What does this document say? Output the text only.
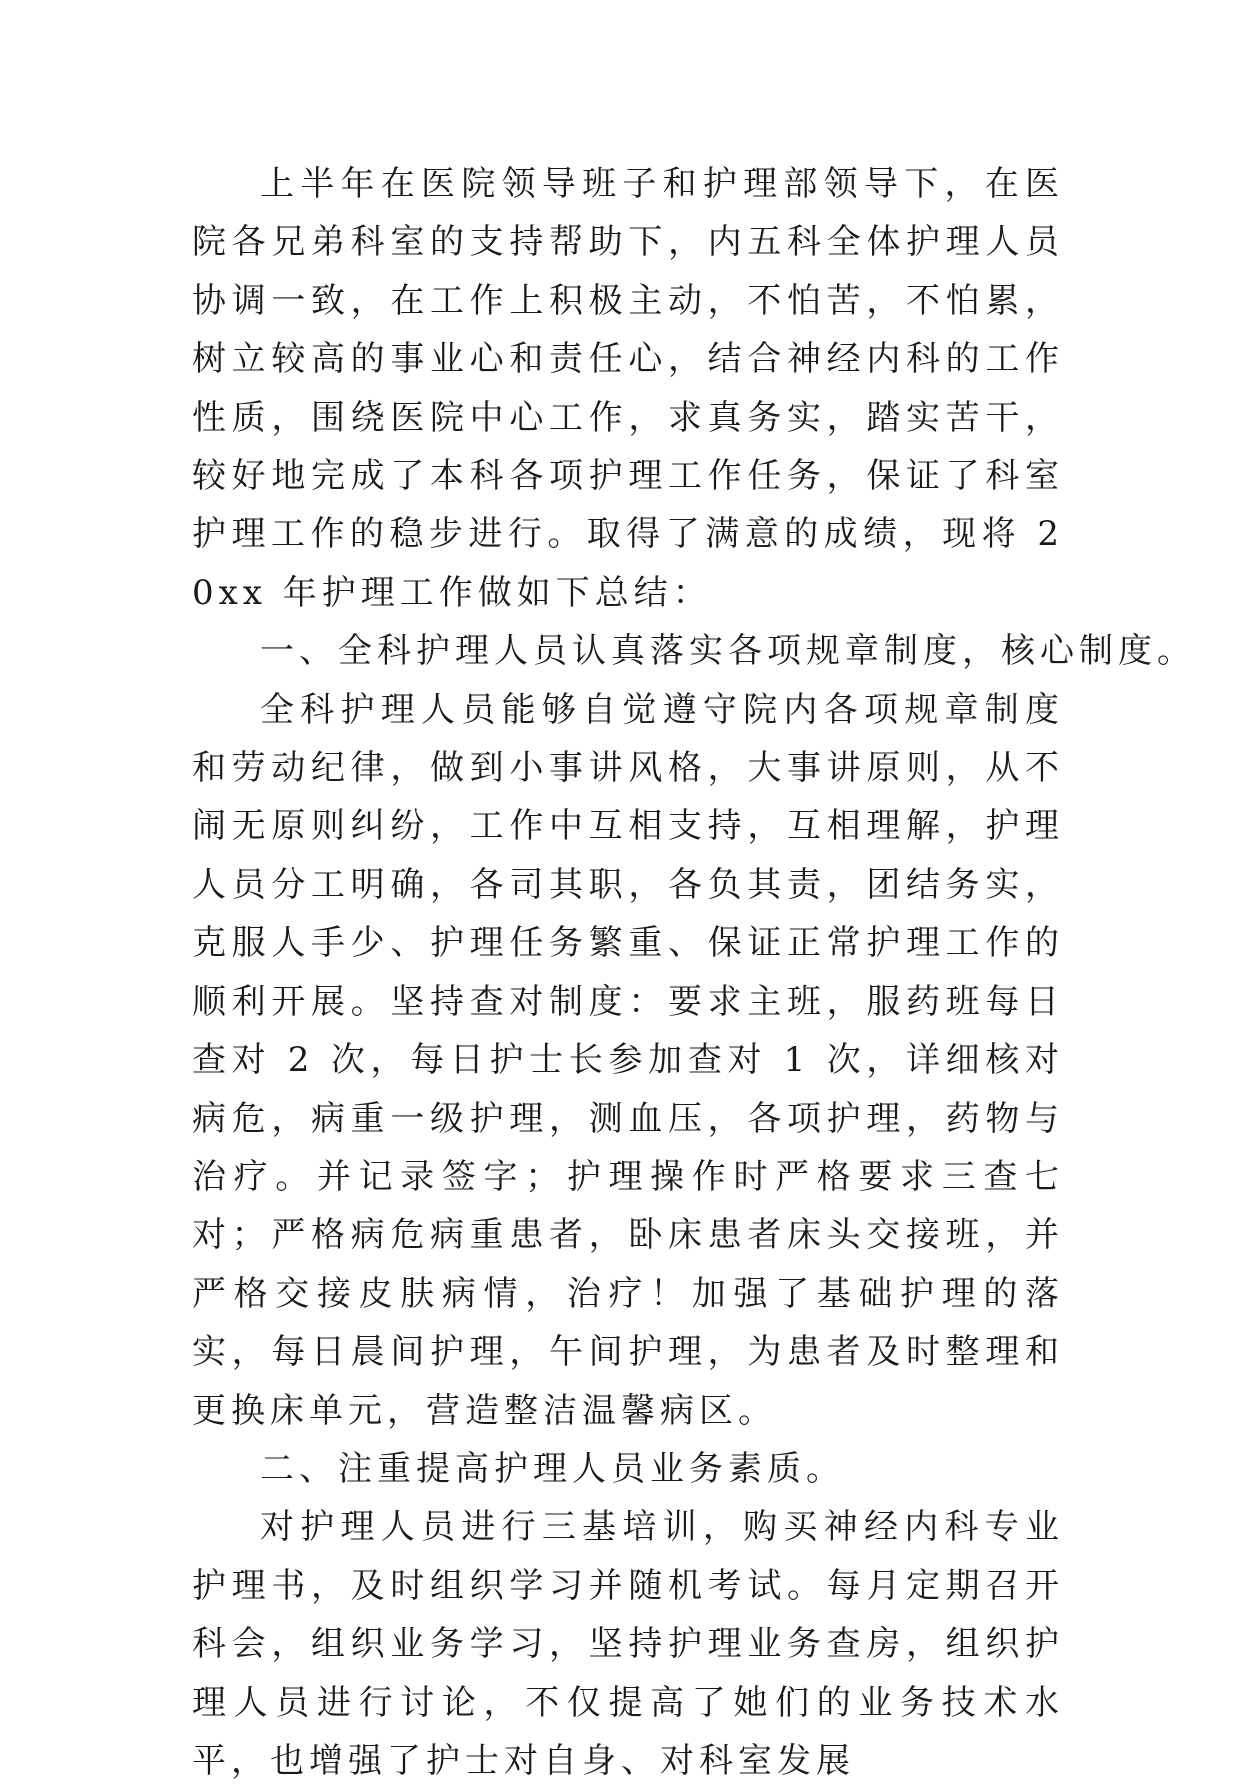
上半年在医院领导班子和护理部领导下，在医院各兄弟科室的支持帮助下，内五科全体护理人员协调一致，在工作上积极主动，不怕苦，不怕累，树立较高的事业心和责任心，结合神经内科的工作性质，围绕医院中心工作，求真务实，踏实苦干，较好地完成了本科各项护理工作任务，保证了科室护理工作的稳步进行。取得了满意的成绩，现将 20xx 年护理工作做如下总结：

一、全科护理人员认真落实各项规章制度，核心制度。

全科护理人员能够自觉遵守院内各项规章制度和劳动纪律，做到小事讲风格，大事讲原则，从不闹无原则纠纷，工作中互相支持，互相理解，护理人员分工明确，各司其职，各负其责，团结务实，克服人手少、护理任务繁重、保证正常护理工作的顺利开展。坚持查对制度：要求主班，服药班每日查对 2 次，每日护士长参加查对 1 次，详细核对病危，病重一级护理，测血压，各项护理，药物与治疗。并记录签字；护理操作时严格要求三查七对；严格病危病重患者，卧床患者床头交接班，并严格交接皮肤病情，治疗！加强了基础护理的落实，每日晨间护理，午间护理，为患者及时整理和更换床单元，营造整洁温馨病区。

二、注重提高护理人员业务素质。

对护理人员进行三基培训，购买神经内科专业护理书，及时组织学习并随机考试。每月定期召开科会，组织业务学习，坚持护理业务查房，组织护理人员进行讨论，不仅提高了她们的业务技术水平，也增强了护士对自身、对科室发展
